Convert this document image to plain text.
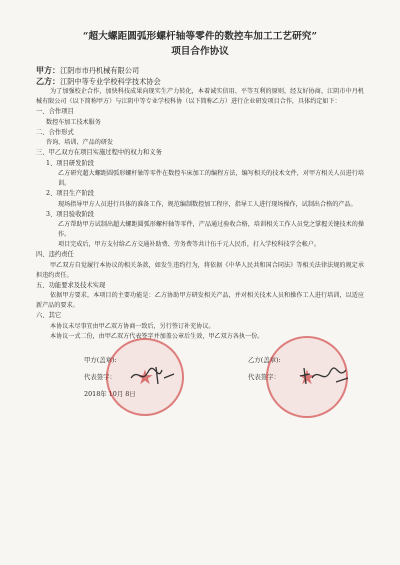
“超大螺距圆弧形螺杆轴等零件的数控车加工工艺研究”
项目合作协议
甲方：江阴市市丹机械有限公司
乙方：江阴中等专业学校科学技术协会
为了加强校企合作，加快科技成果向现实生产力转化，本着诚实信用、平等互利的原则，经友好协商，江阴市中丹机械有限公司（以下简称甲方）与江阴中等专业学校科协（以下简称乙方）进行企业研发项目合作，具体约定如下：
一、合作项目
数控车加工技术服务
二、合作形式
咨询、培训、产品的研发
三、甲乙双方在项目实施过程中的权力和义务
1、项目研发阶段
乙方研究超大螺距圆弧形螺杆轴等零件在数控车床加工的编程方法，编写相关的技术文件，对甲方相关人员进行培训。
2、项目生产阶段
现场指导甲方人员进行具体的准备工作，规范编制数控加工程序，指导工人进行现场操作，试制出合格的产品。
3、项目验收阶段
乙方帮助甲方试制出超大螺距圆弧形螺杆轴等零件，产品通过验收合格，培训相关工作人员党之掌握关键技术的操作。
项目完成后，甲方支付给乙方交通补助费、劳务费等共计伍千元人民币，打入学校科技学会帐户。
四、违约责任
甲乙双方自觉履行本协议的相关条款，如发生违约行为，将依据《中华人民共和国合同法》等相关法律法规的规定承担违约责任。
五、功能要求及技术实现
依据甲方要求，本项目的主要功能是：乙方协助甲方研发相关产品，并对相关技术人员和操作工人进行培训，以适应新产品的要求。
六、其它
本协议未尽事宜由甲乙双方协商一致后，另行签订补充协议。
本协议一式二份，由甲乙双方代表签字并加盖公章后生效，甲乙双方各执一份。
甲方(盖章):
代表签字：
2018年 10月 8日
乙方(盖章):
代表签字：
★	★
